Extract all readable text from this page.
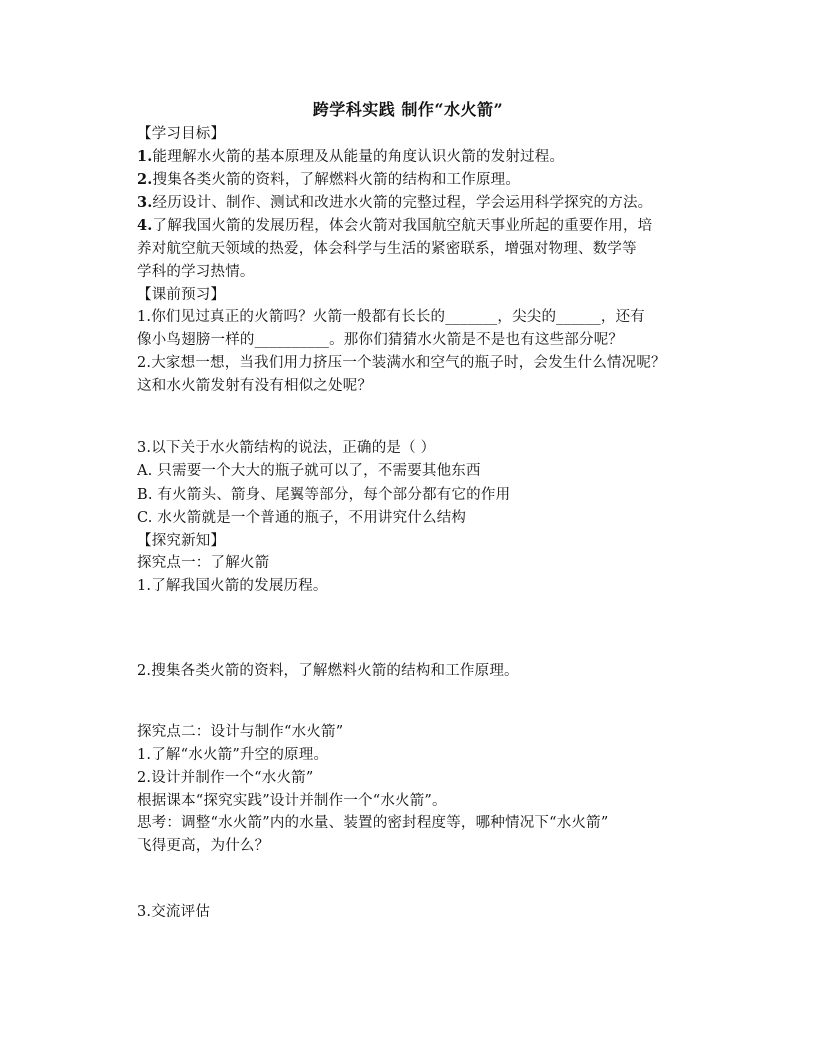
跨学科实践 制作“水火箭”
【学习目标】
1.能理解水火箭的基本原理及从能量的角度认识火箭的发射过程。
2.搜集各类火箭的资料，了解燃料火箭的结构和工作原理。
3.经历设计、制作、测试和改进水火箭的完整过程，学会运用科学探究的方法。
4.了解我国火箭的发展历程，体会火箭对我国航空航天事业所起的重要作用，培
养对航空航天领域的热爱，体会科学与生活的紧密联系，增强对物理、数学等
学科的学习热情。
【课前预习】
1.你们见过真正的火箭吗？火箭一般都有长长的_______，尖尖的______，还有
像小鸟翅膀一样的__________。那你们猜猜水火箭是不是也有这些部分呢？
2.大家想一想，当我们用力挤压一个装满水和空气的瓶子时，会发生什么情况呢？
这和水火箭发射有没有相似之处呢？
3.以下关于水火箭结构的说法，正确的是（ ）
A. 只需要一个大大的瓶子就可以了，不需要其他东西
B. 有火箭头、箭身、尾翼等部分，每个部分都有它的作用
C. 水火箭就是一个普通的瓶子，不用讲究什么结构
【探究新知】
探究点一：了解火箭
1.了解我国火箭的发展历程。
2.搜集各类火箭的资料，了解燃料火箭的结构和工作原理。
探究点二：设计与制作“水火箭”
1.了解“水火箭”升空的原理。
2.设计并制作一个“水火箭”
根据课本“探究实践”设计并制作一个“水火箭”。
思考：调整“水火箭”内的水量、装置的密封程度等，哪种情况下“水火箭”
飞得更高，为什么？
3.交流评估
